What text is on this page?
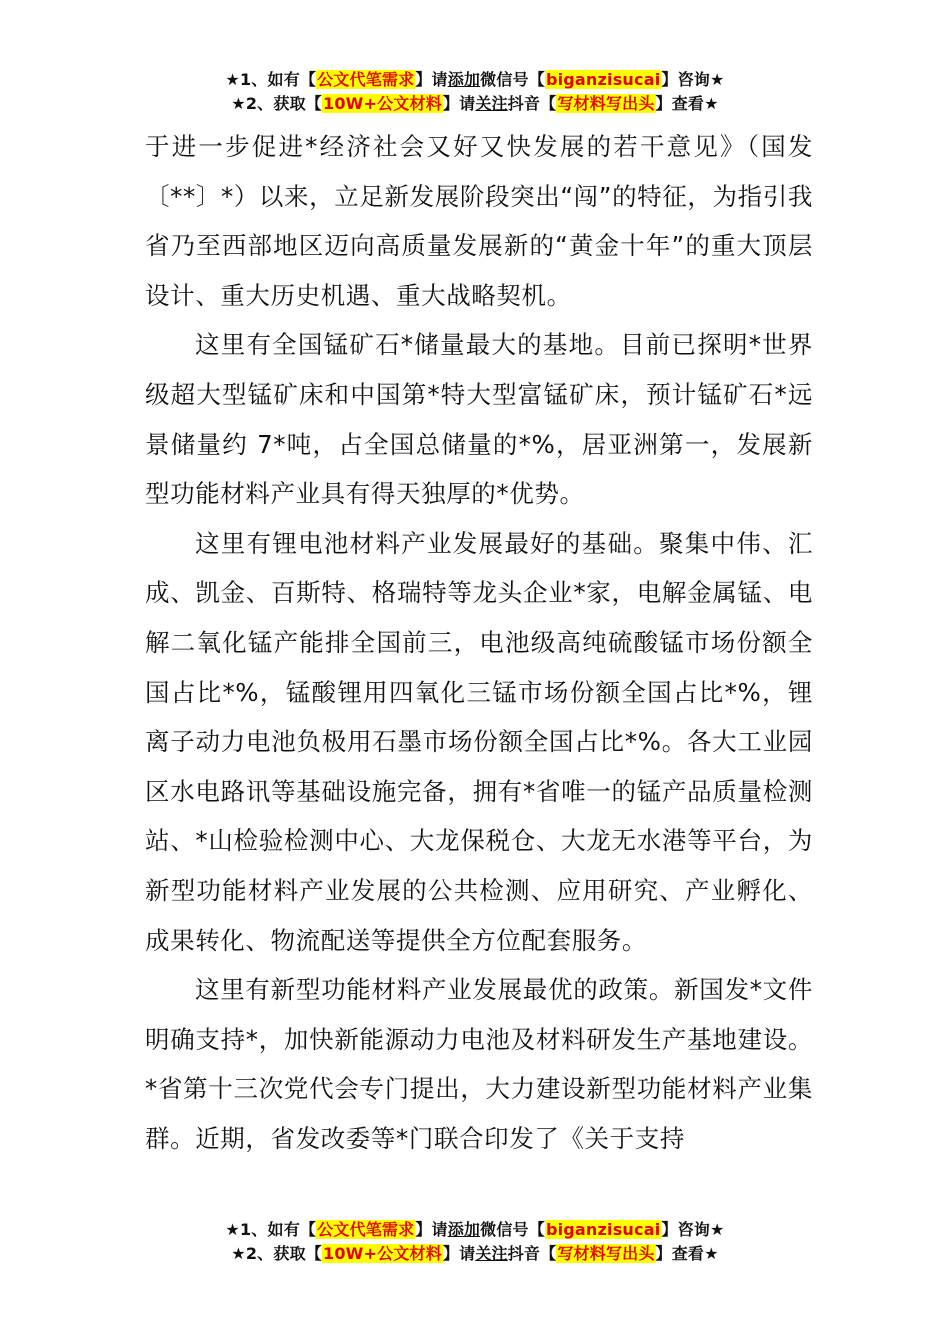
★1、如有【公文代笔需求】请添加微信号【biganzisucai】咨询★
★2、获取【10W+公文材料】请关注抖音【写材料写出头】查看★

于进一步促进*经济社会又好又快发展的若干意见》（国发〔**〕*）以来，立足新发展阶段突出“闯”的特征，为指引我省乃至西部地区迈向高质量发展新的“黄金十年”的重大顶层设计、重大历史机遇、重大战略契机。

这里有全国锰矿石*储量最大的基地。目前已探明*世界级超大型锰矿床和中国第*特大型富锰矿床，预计锰矿石*远景储量约 7*吨，占全国总储量的*%，居亚洲第一，发展新型功能材料产业具有得天独厚的*优势。

这里有锂电池材料产业发展最好的基础。聚集中伟、汇成、凯金、百斯特、格瑞特等龙头企业*家，电解金属锰、电解二氧化锰产能排全国前三，电池级高纯硫酸锰市场份额全国占比*%，锰酸锂用四氧化三锰市场份额全国占比*%，锂离子动力电池负极用石墨市场份额全国占比*%。各大工业园区水电路讯等基础设施完备，拥有*省唯一的锰产品质量检测站、*山检验检测中心、大龙保税仓、大龙无水港等平台，为新型功能材料产业发展的公共检测、应用研究、产业孵化、成果转化、物流配送等提供全方位配套服务。

这里有新型功能材料产业发展最优的政策。新国发*文件明确支持*，加快新能源动力电池及材料研发生产基地建设。*省第十三次党代会专门提出，大力建设新型功能材料产业集群。近期，省发改委等*门联合印发了《关于支持

★1、如有【公文代笔需求】请添加微信号【biganzisucai】咨询★
★2、获取【10W+公文材料】请关注抖音【写材料写出头】查看★
